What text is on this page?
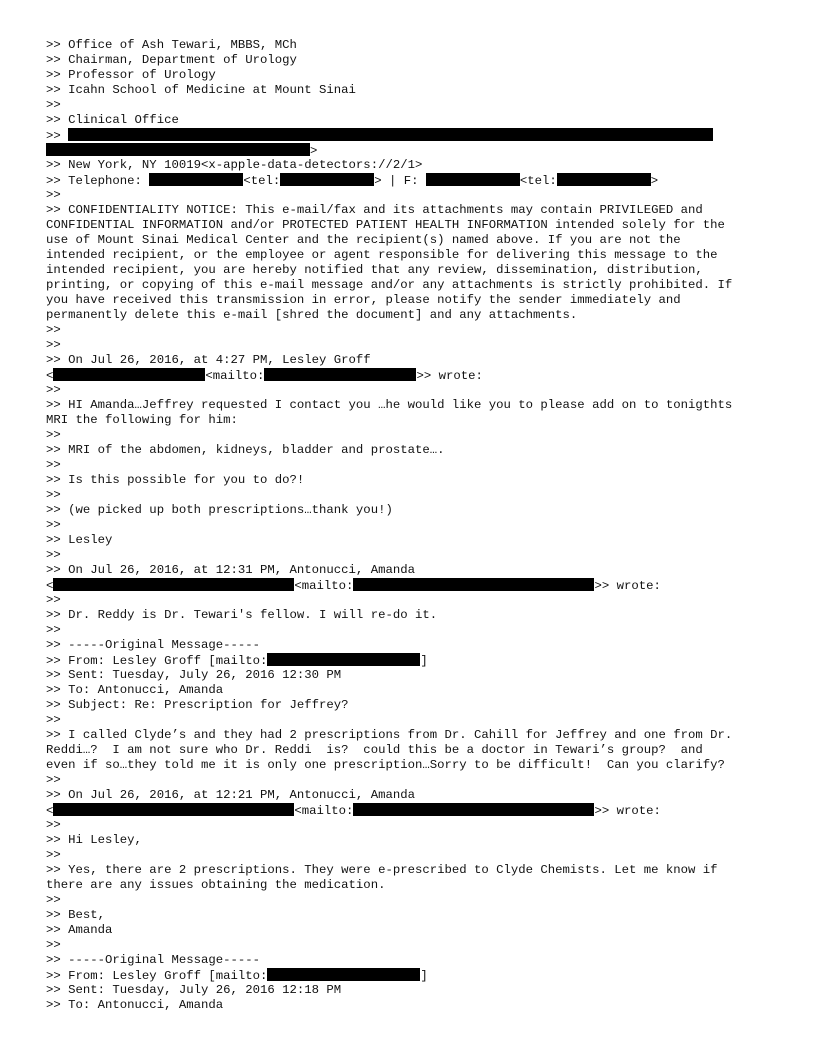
>> Office of Ash Tewari, MBBS, MCh
>> Chairman, Department of Urology
>> Professor of Urology
>> Icahn School of Medicine at Mount Sinai
>>
>> Clinical Office
>>
>
>> New York, NY 10019<x-apple-data-detectors://2/1>
>> Telephone:	<tel:	> | F:	<tel:	>
>>
>> CONFIDENTIALITY NOTICE: This e-mail/fax and its attachments may contain PRIVILEGED and
CONFIDENTIAL INFORMATION and/or PROTECTED PATIENT HEALTH INFORMATION intended solely for the
use of Mount Sinai Medical Center and the recipient(s) named above. If you are not the
intended recipient, or the employee or agent responsible for delivering this message to the
intended recipient, you are hereby notified that any review, dissemination, distribution,
printing, or copying of this e-mail message and/or any attachments is strictly prohibited. If
you have received this transmission in error, please notify the sender immediately and
permanently delete this e-mail [shred the document] and any attachments.
>>
>>
>> On Jul 26, 2016, at 4:27 PM, Lesley Groff
<	<mailto:	>> wrote:
>>
>> HI Amanda…Jeffrey requested I contact you …he would like you to please add on to tonigthts
MRI the following for him:
>>
>> MRI of the abdomen, kidneys, bladder and prostate….
>>
>> Is this possible for you to do?!
>>
>> (we picked up both prescriptions…thank you!)
>>
>> Lesley
>>
>> On Jul 26, 2016, at 12:31 PM, Antonucci, Amanda
<	<mailto:	>> wrote:
>>
>> Dr. Reddy is Dr. Tewari's fellow. I will re-do it.
>>
>> -----Original Message-----
>> From: Lesley Groff [mailto:	]
>> Sent: Tuesday, July 26, 2016 12:30 PM
>> To: Antonucci, Amanda
>> Subject: Re: Prescription for Jeffrey?
>>
>> I called Clyde’s and they had 2 prescriptions from Dr. Cahill for Jeffrey and one from Dr.
Reddi…?  I am not sure who Dr. Reddi  is?  could this be a doctor in Tewari’s group?  and
even if so…they told me it is only one prescription…Sorry to be difficult!  Can you clarify?
>>
>> On Jul 26, 2016, at 12:21 PM, Antonucci, Amanda
<	<mailto:	>> wrote:
>>
>> Hi Lesley,
>>
>> Yes, there are 2 prescriptions. They were e-prescribed to Clyde Chemists. Let me know if
there are any issues obtaining the medication.
>>
>> Best,
>> Amanda
>>
>> -----Original Message-----
>> From: Lesley Groff [mailto:	]
>> Sent: Tuesday, July 26, 2016 12:18 PM
>> To: Antonucci, Amanda
